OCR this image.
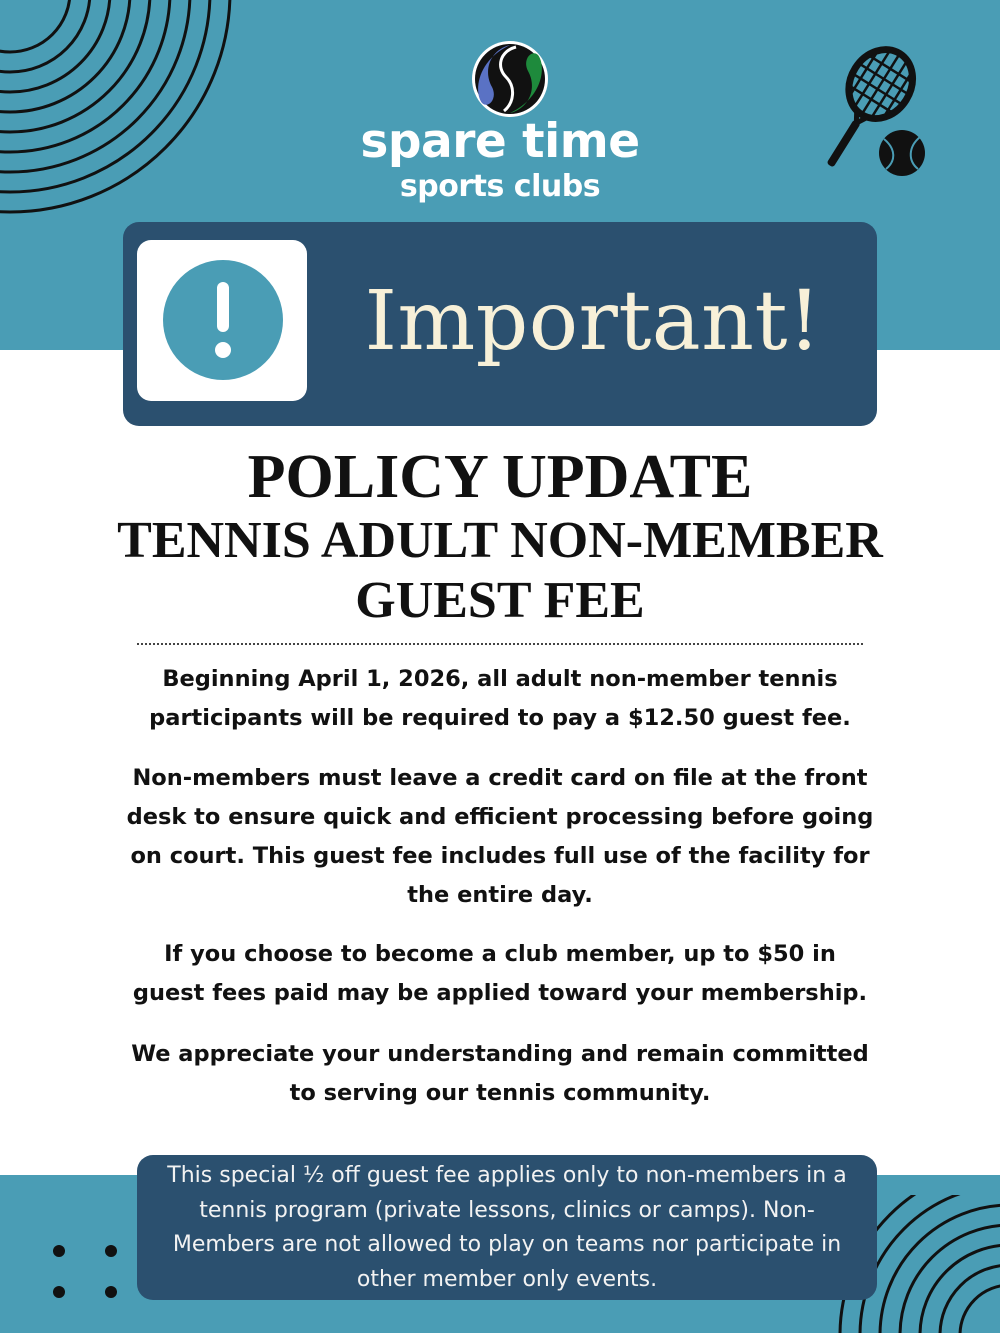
spare time
sports clubs
Important!
POLICY UPDATE
TENNIS ADULT NON-MEMBER
GUEST FEE
Beginning April 1, 2026, all adult non-member tennis
participants will be required to pay a $12.50 guest fee.
Non-members must leave a credit card on file at the front
desk to ensure quick and efficient processing before going
on court. This guest fee includes full use of the facility for
the entire day.
If you choose to become a club member, up to $50 in
guest fees paid may be applied toward your membership.
We appreciate your understanding and remain committed
to serving our tennis community.
This special ½ off guest fee applies only to non-members in a
tennis program (private lessons, clinics or camps). Non-
Members are not allowed to play on teams nor participate in
other member only events.
